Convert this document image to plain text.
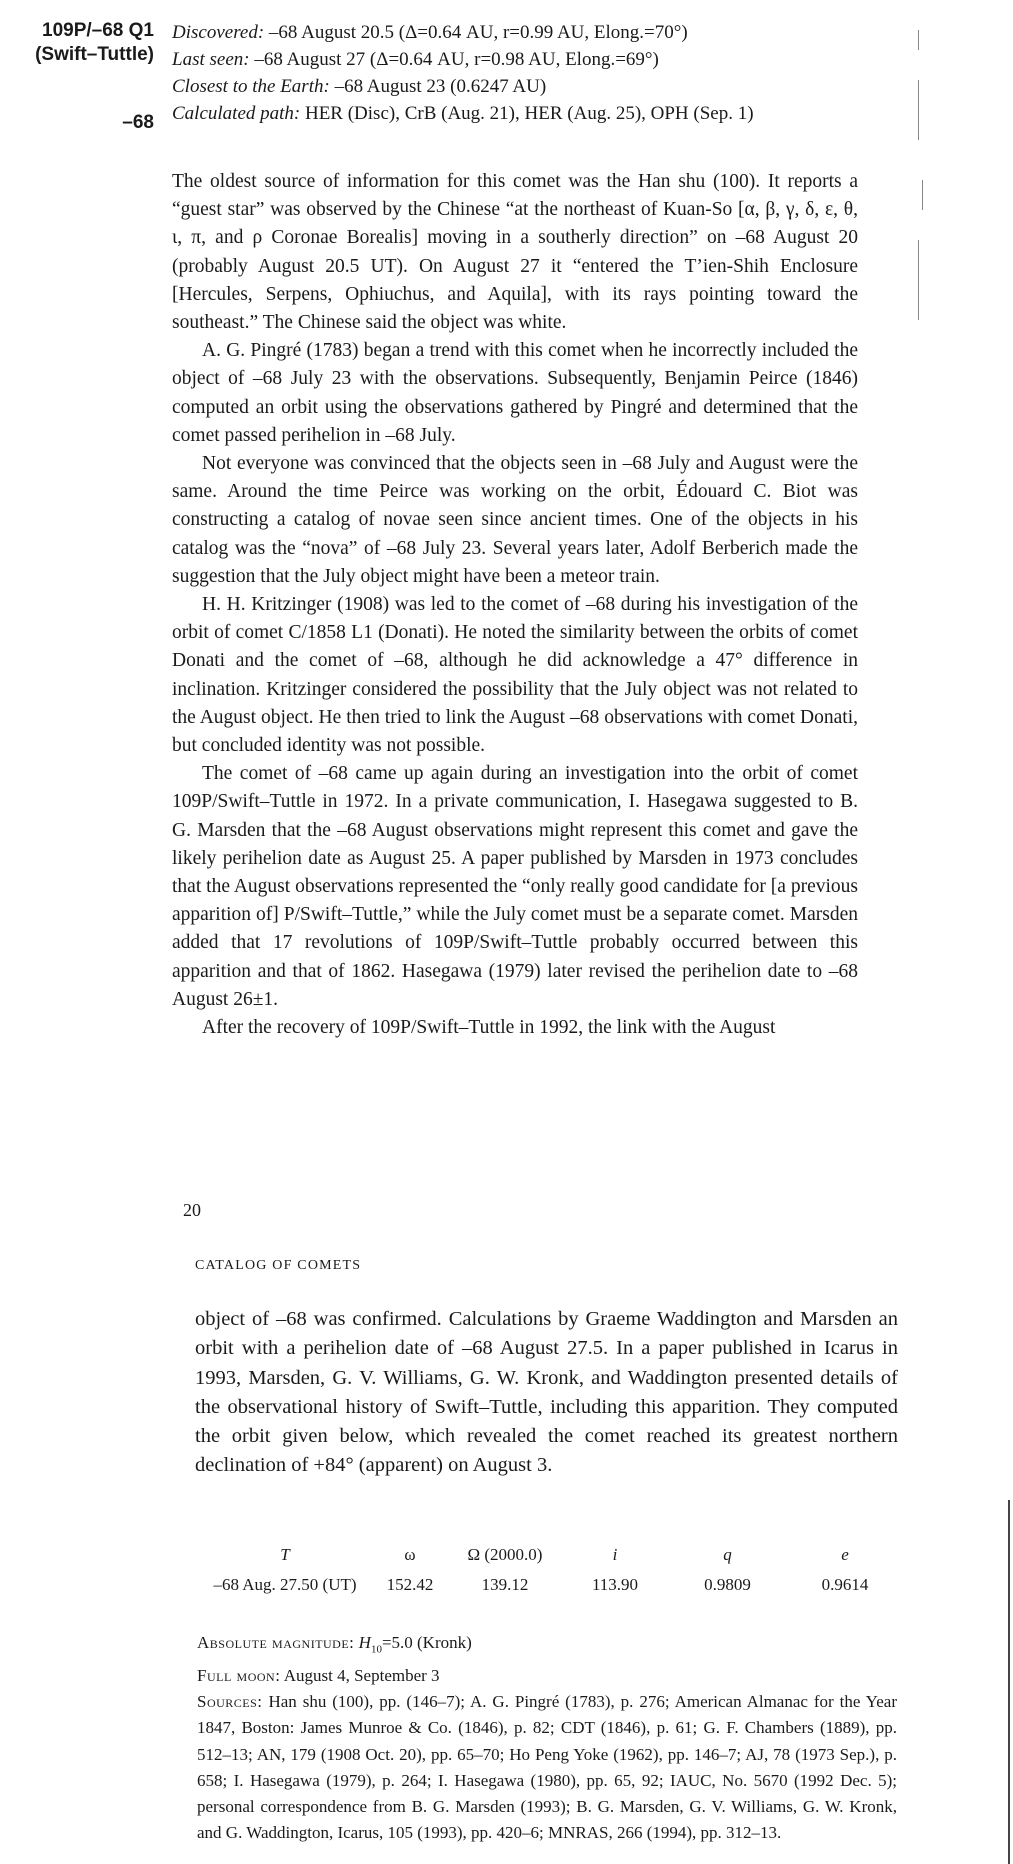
109P/–68 Q1
(Swift–Tuttle)
–68
Discovered: –68 August 20.5 (Δ=0.64 AU, r=0.99 AU, Elong.=70°)
Last seen: –68 August 27 (Δ=0.64 AU, r=0.98 AU, Elong.=69°)
Closest to the Earth: –68 August 23 (0.6247 AU)
Calculated path: HER (Disc), CrB (Aug. 21), HER (Aug. 25), OPH (Sep. 1)

The oldest source of information for this comet was the Han shu (100). It reports a “guest star” was observed by the Chinese “at the northeast of Kuan-So [α, β, γ, δ, ε, θ, ι, π, and ρ Coronae Borealis] moving in a southerly direction” on –68 August 20 (probably August 20.5 UT). On August 27 it “entered the T’ien-Shih Enclosure [Hercules, Serpens, Ophiuchus, and Aquila], with its rays pointing toward the southeast.” The Chinese said the object was white.

A. G. Pingré (1783) began a trend with this comet when he incorrectly included the object of –68 July 23 with the observations. Subsequently, Benjamin Peirce (1846) computed an orbit using the observations gathered by Pingré and determined that the comet passed perihelion in –68 July.

Not everyone was convinced that the objects seen in –68 July and August were the same. Around the time Peirce was working on the orbit, Édouard C. Biot was constructing a catalog of novae seen since ancient times. One of the objects in his catalog was the “nova” of –68 July 23. Several years later, Adolf Berberich made the suggestion that the July object might have been a meteor train.

H. H. Kritzinger (1908) was led to the comet of –68 during his investigation of the orbit of comet C/1858 L1 (Donati). He noted the similarity between the orbits of comet Donati and the comet of –68, although he did acknowledge a 47° difference in inclination. Kritzinger considered the possibility that the July object was not related to the August object. He then tried to link the August –68 observations with comet Donati, but concluded identity was not possible.

The comet of –68 came up again during an investigation into the orbit of comet 109P/Swift–Tuttle in 1972. In a private communication, I. Hasegawa suggested to B. G. Marsden that the –68 August observations might represent this comet and gave the likely perihelion date as August 25. A paper published by Marsden in 1973 concludes that the August observations represented the “only really good candidate for [a previous apparition of] P/Swift–Tuttle,” while the July comet must be a separate comet. Marsden added that 17 revolutions of 109P/Swift–Tuttle probably occurred between this apparition and that of 1862. Hasegawa (1979) later revised the perihelion date to –68 August 26±1.

After the recovery of 109P/Swift–Tuttle in 1992, the link with the August

20
CATALOG OF COMETS

object of –68 was confirmed. Calculations by Graeme Waddington and Marsden an orbit with a perihelion date of –68 August 27.5. In a paper published in Icarus in 1993, Marsden, G. V. Williams, G. W. Kronk, and Waddington presented details of the observational history of Swift–Tuttle, including this apparition. They computed the orbit given below, which revealed the comet reached its greatest northern declination of +84° (apparent) on August 3.

T	ω	Ω (2000.0)	i	q	e
–68 Aug. 27.50 (UT)	152.42	139.12	113.90	0.9809	0.9614

Absolute magnitude: $H_{10}=5.0$ (Kronk)

Full moon: August 4, September 3

Sources: Han shu (100), pp. (146–7); A. G. Pingré (1783), p. 276; American Almanac for the Year 1847, Boston: James Munroe & Co. (1846), p. 82; CDT (1846), p. 61; G. F. Chambers (1889), pp. 512–13; AN, 179 (1908 Oct. 20), pp. 65–70; Ho Peng Yoke (1962), pp. 146–7; AJ, 78 (1973 Sep.), p. 658; I. Hasegawa (1979), p. 264; I. Hasegawa (1980), pp. 65, 92; IAUC, No. 5670 (1992 Dec. 5); personal correspondence from B. G. Marsden (1993); B. G. Marsden, G. V. Williams, G. W. Kronk, and G. Waddington, Icarus, 105 (1993), pp. 420–6; MNRAS, 266 (1994), pp. 312–13.
